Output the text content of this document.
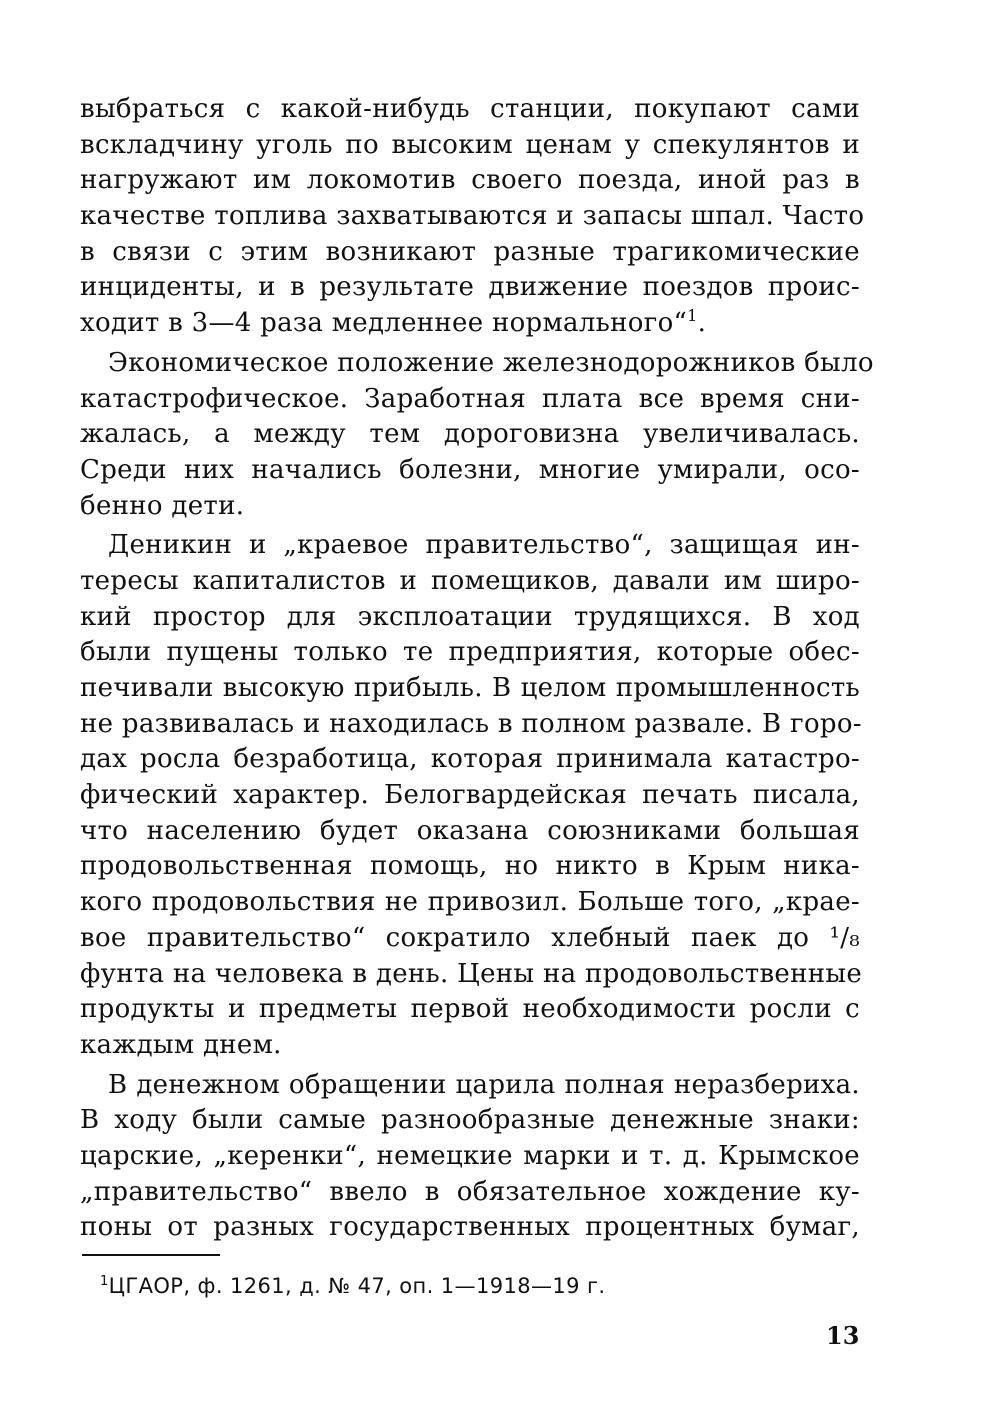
выбраться с какой-нибудь станции, покупают сами
вскладчину уголь по высоким ценам у спекулянтов и
нагружают им локомотив своего поезда, иной раз в
качестве топлива захватываются и запасы шпал. Часто
в связи с этим возникают разные трагикомические
инциденты, и в результате движение поездов проис-
ходит в 3—4 раза медленнее нормального“$^1$.
Экономическое положение железнодорожников было
катастрофическое. Заработная плата все время сни-
жалась, а между тем дороговизна увеличивалась.
Среди них начались болезни, многие умирали, осо-
бенно дети.
Деникин и „краевое правительство“, защищая ин-
тересы капиталистов и помещиков, давали им широ-
кий простор для эксплоатации трудящихся. В ход
были пущены только те предприятия, которые обес-
печивали высокую прибыль. В целом промышленность
не развивалась и находилась в полном развале. В горо-
дах росла безработица, которая принимала катастро-
фический характер. Белогвардейская печать писала,
что населению будет оказана союзниками большая
продовольственная помощь, но никто в Крым ника-
кого продовольствия не привозил. Больше того, „крае-
вое правительство“ сократило хлебный паек до ¹/₈
фунта на человека в день. Цены на продовольственные
продукты и предметы первой необходимости росли с
каждым днем.
В денежном обращении царила полная неразбериха.
В ходу были самые разнообразные денежные знаки:
царские, „керенки“, немецкие марки и т. д. Крымское
„правительство“ ввело в обязательное хождение ку-
поны от разных государственных процентных бумаг,
$^1$ЦГАОР, ф. 1261, д. № 47, оп. 1—1918—19 г.
13
